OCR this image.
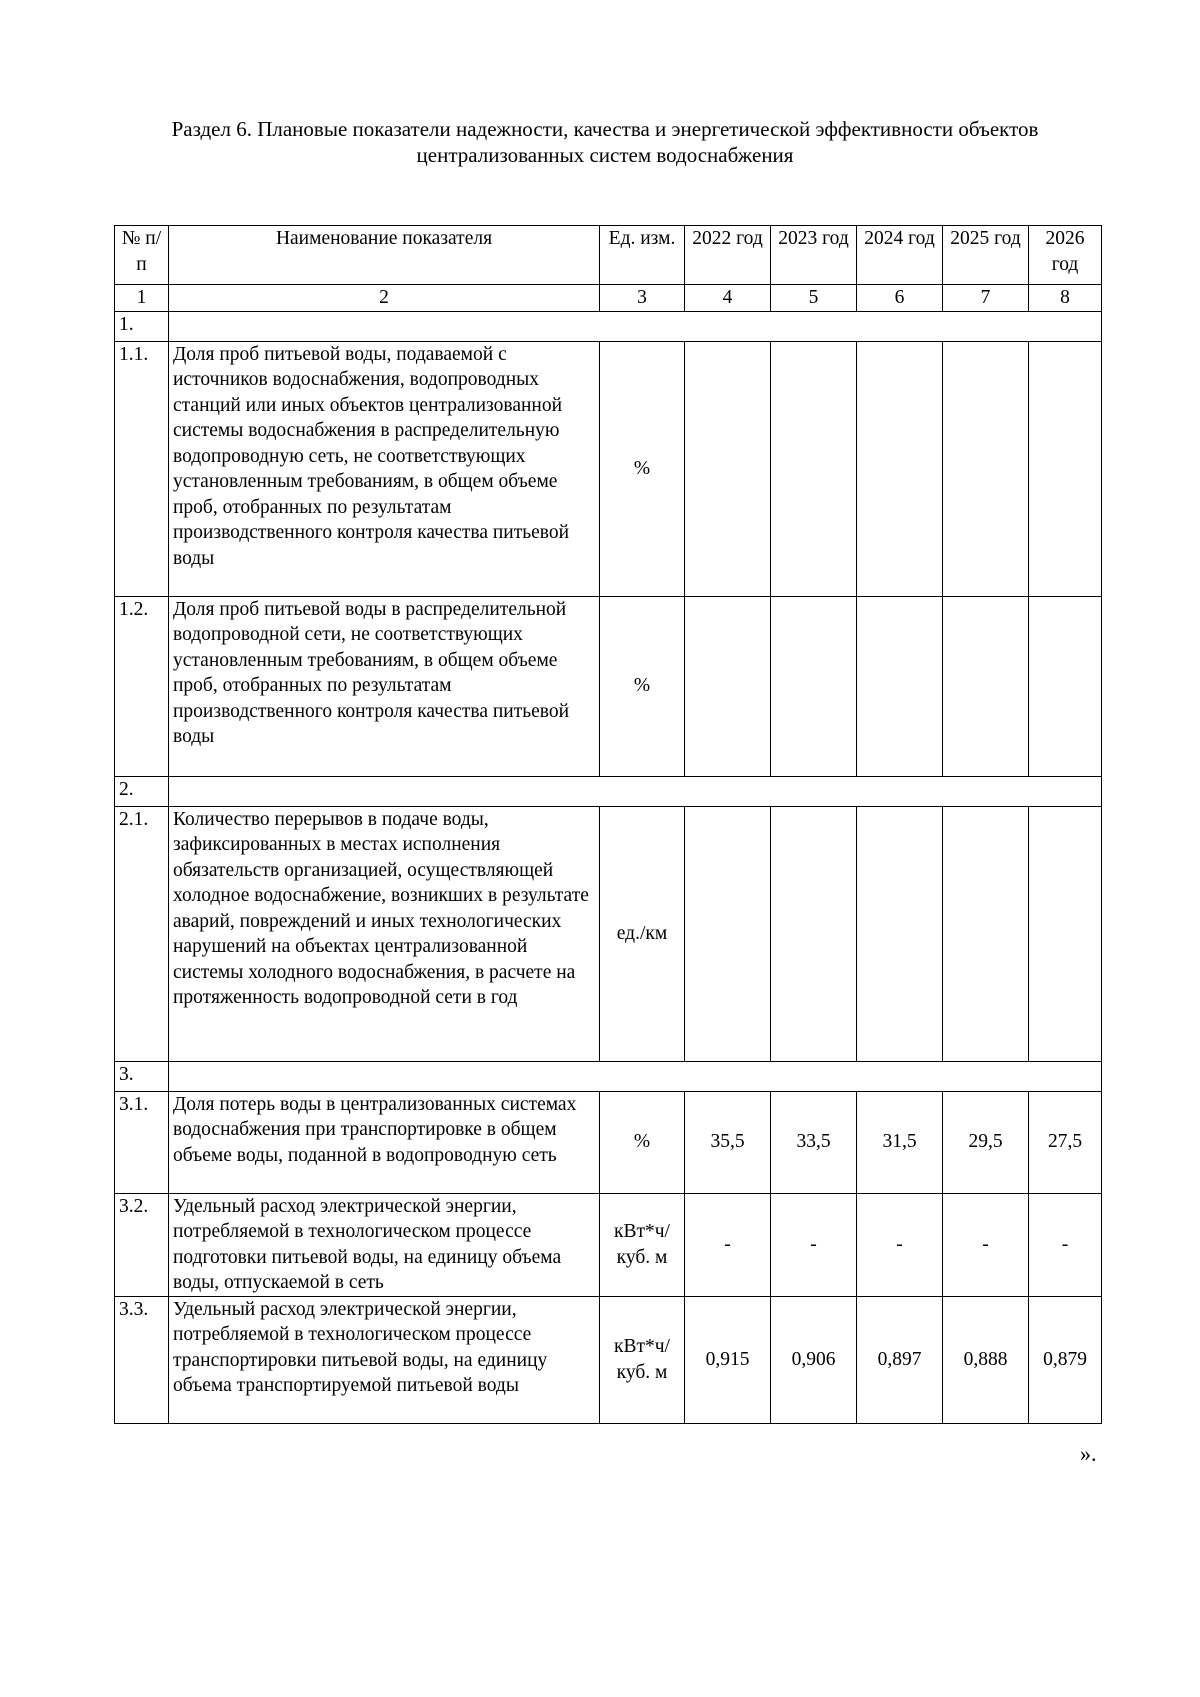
Раздел 6. Плановые показатели надежности, качества и энергетической эффективности объектов
централизованных систем водоснабжения
№ п/п	Наименование показателя	Ед. изм.	2022 год	2023 год	2024 год	2025 год	2026 год
1	2	3	4	5	6	7	8
1.							
1.1.	Доля проб питьевой воды, подаваемой с источников водоснабжения, водопроводных станций или иных объектов централизованной системы водоснабжения в распределительную водопроводную сеть, не соответствующих установленным требованиям, в общем объеме проб, отобранных по результатам производственного контроля качества питьевой воды	%					
1.2.	Доля проб питьевой воды в распределительной водопроводной сети, не соответствующих установленным требованиям, в общем объеме проб, отобранных по результатам производственного контроля качества питьевой воды	%					
2.							
2.1.	Количество перерывов в подаче воды, зафиксированных в местах исполнения обязательств организацией, осуществляющей холодное водоснабжение, возникших в результате аварий, повреждений и иных технологических нарушений на объектах централизованной системы холодного водоснабжения, в расчете на протяженность водопроводной сети в год	ед./км					
3.							
3.1.	Доля потерь воды в централизованных системах водоснабжения при транспортировке в общем объеме воды, поданной в водопроводную сеть	%	35,5	33,5	31,5	29,5	27,5
3.2.	Удельный расход электрической энергии, потребляемой в технологическом процессе подготовки питьевой воды, на единицу объема воды, отпускаемой в сеть	кВт*ч/ куб. м	-	-	-	-	-
3.3.	Удельный расход электрической энергии, потребляемой в технологическом процессе транспортировки питьевой воды, на единицу объема транспортируемой питьевой воды	кВт*ч/ куб. м	0,915	0,906	0,897	0,888	0,879
».
